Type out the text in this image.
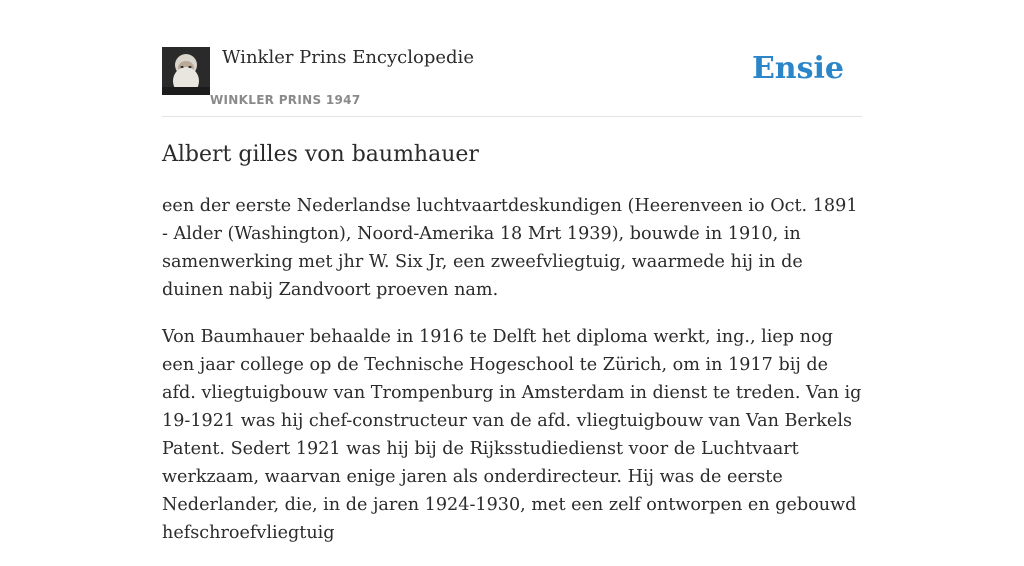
Winkler Prins Encyclopedie
WINKLER PRINS 1947
Ensie
Albert gilles von baumhauer

een der eerste Nederlandse luchtvaartdeskundigen (Heerenveen io Oct. 1891 - Alder (Washington), Noord-Amerika 18 Mrt 1939), bouwde in 1910, in samenwerking met jhr W. Six Jr, een zweefvliegtuig, waarmede hij in de duinen nabij Zandvoort proeven nam.

Von Baumhauer behaalde in 1916 te Delft het diploma werkt, ing., liep nog een jaar college op de Technische Hogeschool te Zürich, om in 1917 bij de afd. vliegtuigbouw van Trompenburg in Amsterdam in dienst te treden. Van ig 19-1921 was hij chef-constructeur van de afd. vliegtuigbouw van Van Berkels Patent. Sedert 1921 was hij bij de Rijksstudiedienst voor de Luchtvaart werkzaam, waarvan enige jaren als onderdirecteur. Hij was de eerste Nederlander, die, in de jaren 1924-1930, met een zelf ontworpen en gebouwd hefschroefvliegtuig
